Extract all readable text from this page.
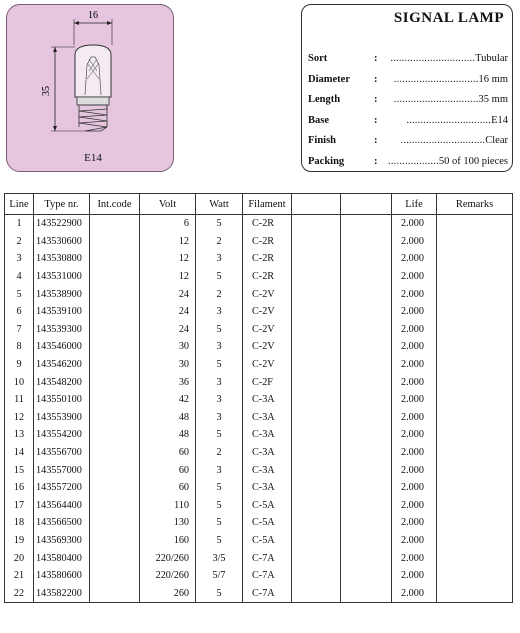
16
35
E14
SIGNAL LAMP
Sort	:	..............................Tubular
Diameter :	..............................16 mm
Length	:	..............................35 mm
Base	:	..............................E14
Finish	:	..............................Clear
Packing	:	..................50 of 100 pieces
Line	Type nr.	Int.code	Volt	Watt	Filament			Life	Remarks
1	143522900		6	5	C-2R			2.000	
2	143530600		12	2	C-2R			2.000	
3	143530800		12	3	C-2R			2.000	
4	143531000		12	5	C-2R			2.000	
5	143538900		24	2	C-2V			2.000	
6	143539100		24	3	C-2V			2.000	
7	143539300		24	5	C-2V			2.000	
8	143546000		30	3	C-2V			2.000	
9	143546200		30	5	C-2V			2.000	
10	143548200		36	3	C-2F			2.000	
11	143550100		42	3	C-3A			2.000	
12	143553900		48	3	C-3A			2.000	
13	143554200		48	5	C-3A			2.000	
14	143556700		60	2	C-3A			2.000	
15	143557000		60	3	C-3A			2.000	
16	143557200		60	5	C-3A			2.000	
17	143564400		110	5	C-5A			2.000	
18	143566500		130	5	C-5A			2.000	
19	143569300		160	5	C-5A			2.000	
20	143580400		220/260	3/5	C-7A			2.000	
21	143580600		220/260	5/7	C-7A			2.000	
22	143582200		260	5	C-7A			2.000	
